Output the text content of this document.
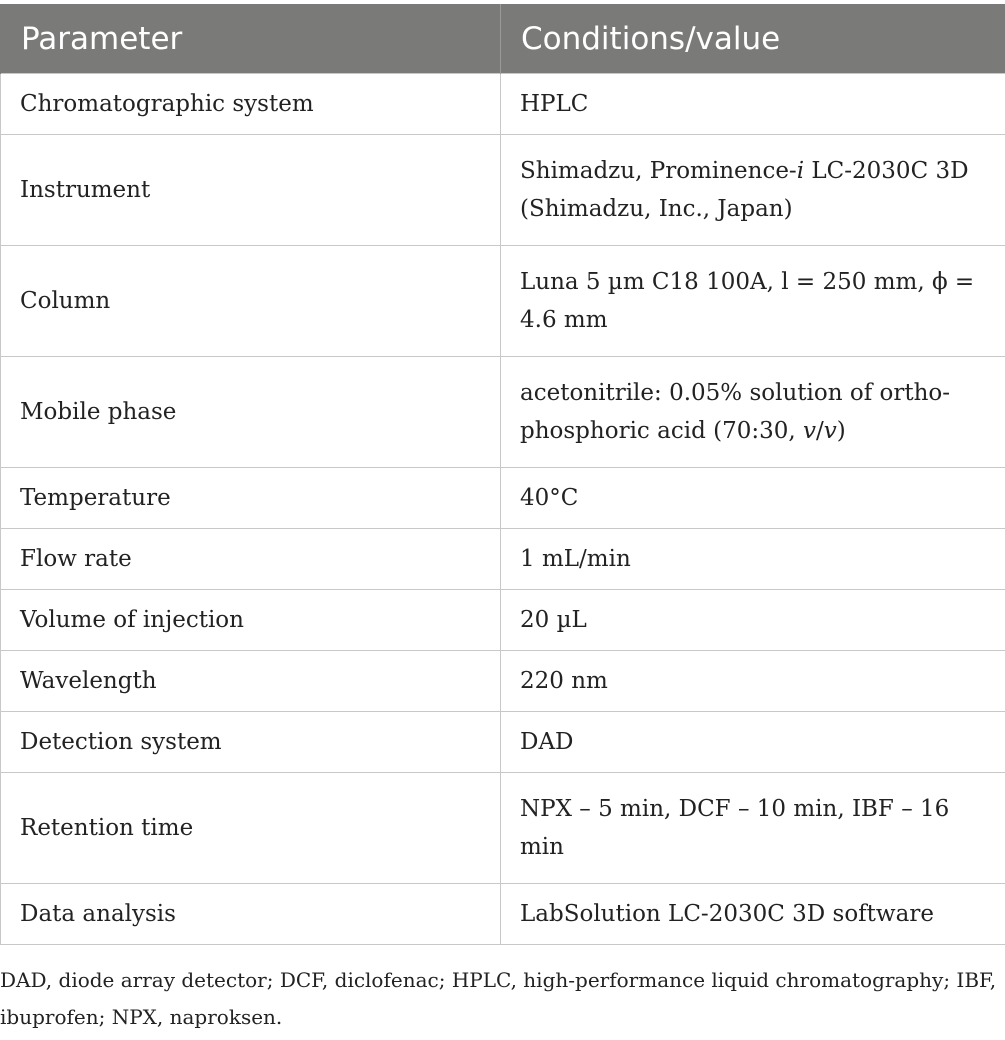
Parameter	Conditions/value
Chromatographic system	HPLC
Instrument	Shimadzu, Prominence-i LC-2030C 3D (Shimadzu, Inc., Japan)
Column	Luna 5 µm C18 100A, l = 250 mm, ϕ = 4.6 mm
Mobile phase	acetonitrile: 0.05% solution of ortho-phosphoric acid (70:30, v/v)
Temperature	40°C
Flow rate	1 mL/min
Volume of injection	20 µL
Wavelength	220 nm
Detection system	DAD
Retention time	NPX – 5 min, DCF – 10 min, IBF – 16 min
Data analysis	LabSolution LC-2030C 3D software
DAD, diode array detector; DCF, diclofenac; HPLC, high-performance liquid chromatography; IBF, ibuprofen; NPX, naproksen.
